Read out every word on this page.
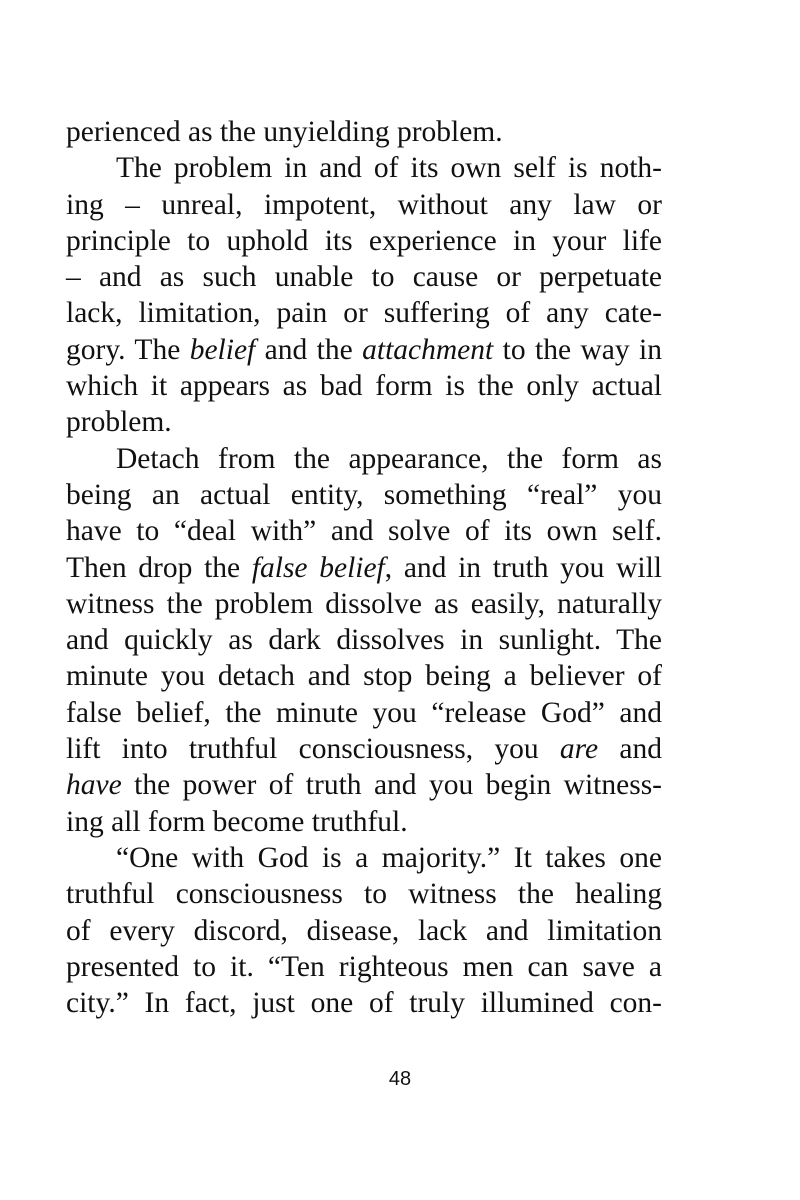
perienced as the unyielding problem.
The problem in and of its own self is noth-
ing – unreal, impotent, without any law or
principle to uphold its experience in your life
– and as such unable to cause or perpetuate
lack, limitation, pain or suffering of any cate-
gory. The belief and the attachment to the way in
which it appears as bad form is the only actual
problem.
Detach from the appearance, the form as
being an actual entity, something “real” you
have to “deal with” and solve of its own self.
Then drop the false belief, and in truth you will
witness the problem dissolve as easily, naturally
and quickly as dark dissolves in sunlight. The
minute you detach and stop being a believer of
false belief, the minute you “release God” and
lift into truthful consciousness, you are and
have the power of truth and you begin witness-
ing all form become truthful.
“One with God is a majority.” It takes one
truthful consciousness to witness the healing
of every discord, disease, lack and limitation
presented to it. “Ten righteous men can save a
city.” In fact, just one of truly illumined con-
48
